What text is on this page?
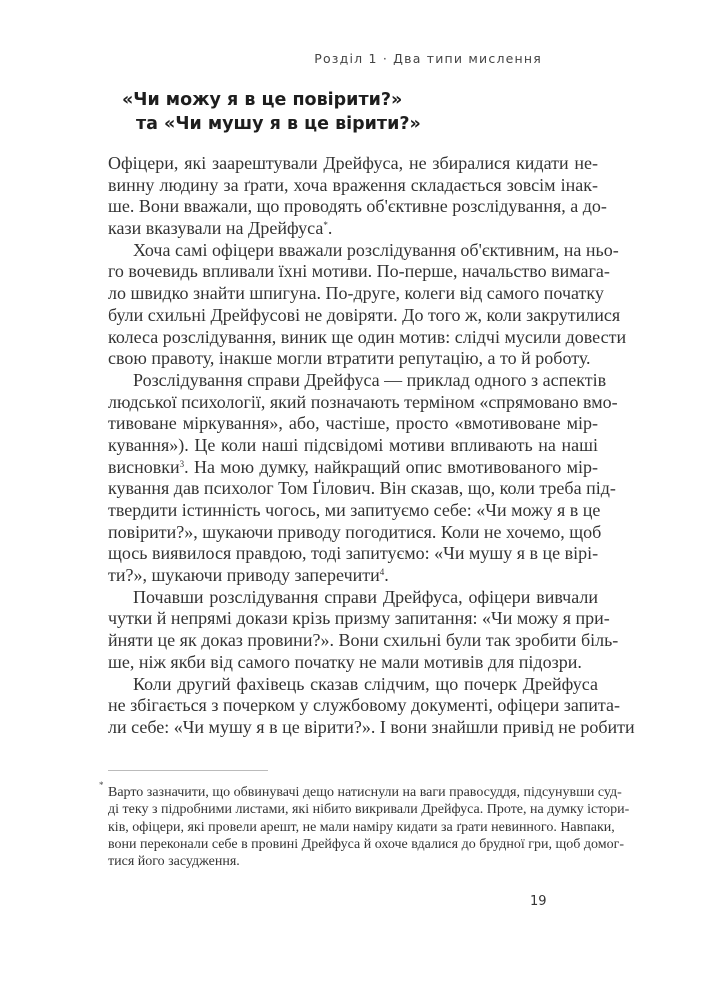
Розділ 1 · Два типи мислення
«Чи можу я в це повірити?»
та «Чи мушу я в це вірити?»
Офіцери, які заарештували Дрейфуса, не збиралися кидати не-
винну людину за ґрати, хоча враження складається зовсім інак-
ше. Вони вважали, що проводять об'єктивне розслідування, а до-
кази вказували на Дрейфуса*.
Хоча самі офіцери вважали розслідування об'єктивним, на ньо-
го вочевидь впливали їхні мотиви. По-перше, начальство вимага-
ло швидко знайти шпигуна. По-друге, колеги від самого початку
були схильні Дрейфусові не довіряти. До того ж, коли закрутилися
колеса розслідування, виник ще один мотив: слідчі мусили довести
свою правоту, інакше могли втратити репутацію, а то й роботу.
Розслідування справи Дрейфуса — приклад одного з аспектів
людської психології, який позначають терміном «спрямовано вмо-
тивоване міркування», або, частіше, просто «вмотивоване мір-
кування»). Це коли наші підсвідомі мотиви впливають на наші
висновки$^3$. На мою думку, найкращий опис вмотивованого мір-
кування дав психолог Том Ґілович. Він сказав, що, коли треба під-
твердити істинність чогось, ми запитуємо себе: «Чи можу я в це
повірити?», шукаючи приводу погодитися. Коли не хочемо, щоб
щось виявилося правдою, тоді запитуємо: «Чи мушу я в це вірі-
ти?», шукаючи приводу заперечити$^4$.
Почавши розслідування справи Дрейфуса, офіцери вивчали
чутки й непрямі докази крізь призму запитання: «Чи можу я при-
йняти це як доказ провини?». Вони схильні були так зробити біль-
ше, ніж якби від самого початку не мали мотивів для підозри.
Коли другий фахівець сказав слідчим, що почерк Дрейфуса
не збігається з почерком у службовому документі, офіцери запита-
ли себе: «Чи мушу я в це вірити?». І вони знайшли привід не робити
* Варто зазначити, що обвинувачі дещо натиснули на ваги правосуддя, підсунувши суд-
ді теку з підробними листами, які нібито викривали Дрейфуса. Проте, на думку істори-
ків, офіцери, які провели арешт, не мали наміру кидати за ґрати невинного. Навпаки,
вони переконали себе в провині Дрейфуса й охоче вдалися до брудної гри, щоб домог-
тися його засудження.
19
